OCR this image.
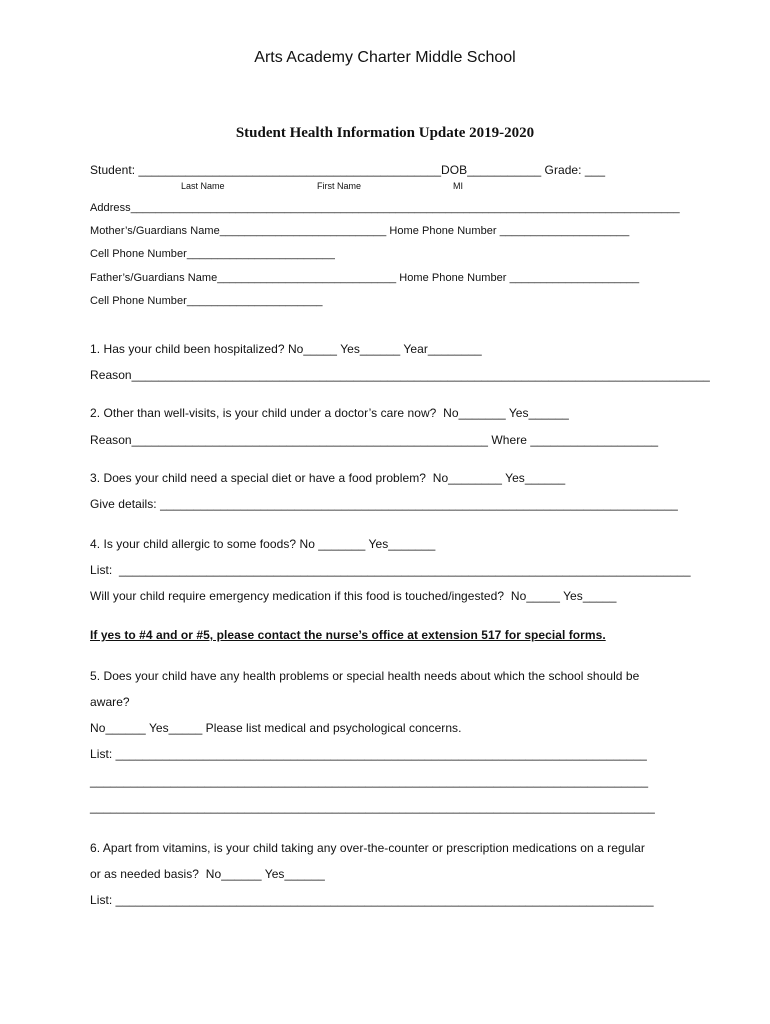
Arts Academy Charter Middle School
Student Health Information Update 2019-2020
Student: _____________________________________________DOB___________ Grade: ___
Last Name	First Name	MI
Address_________________________________________________________________________________________
Mother’s/Guardians Name___________________________ Home Phone Number _____________________
Cell Phone Number________________________
Father’s/Guardians Name_____________________________ Home Phone Number _____________________
Cell Phone Number______________________
1. Has your child been hospitalized? No_____ Yes______ Year________
Reason______________________________________________________________________________________
2. Other than well-visits, is your child under a doctor’s care now?  No_______ Yes______
Reason_____________________________________________________ Where ___________________
3. Does your child need a special diet or have a food problem?  No________ Yes______
Give details: _____________________________________________________________________________
4. Is your child allergic to some foods? No _______ Yes_______
List:  _____________________________________________________________________________________
Will your child require emergency medication if this food is touched/ingested?  No_____ Yes_____
If yes to #4 and or #5, please contact the nurse’s office at extension 517 for special forms.
5. Does your child have any health problems or special health needs about which the school should be
aware?
No______ Yes_____ Please list medical and psychological concerns.
List: _______________________________________________________________________________
___________________________________________________________________________________
____________________________________________________________________________________
6. Apart from vitamins, is your child taking any over-the-counter or prescription medications on a regular
or as needed basis?  No______ Yes______
List: ________________________________________________________________________________
